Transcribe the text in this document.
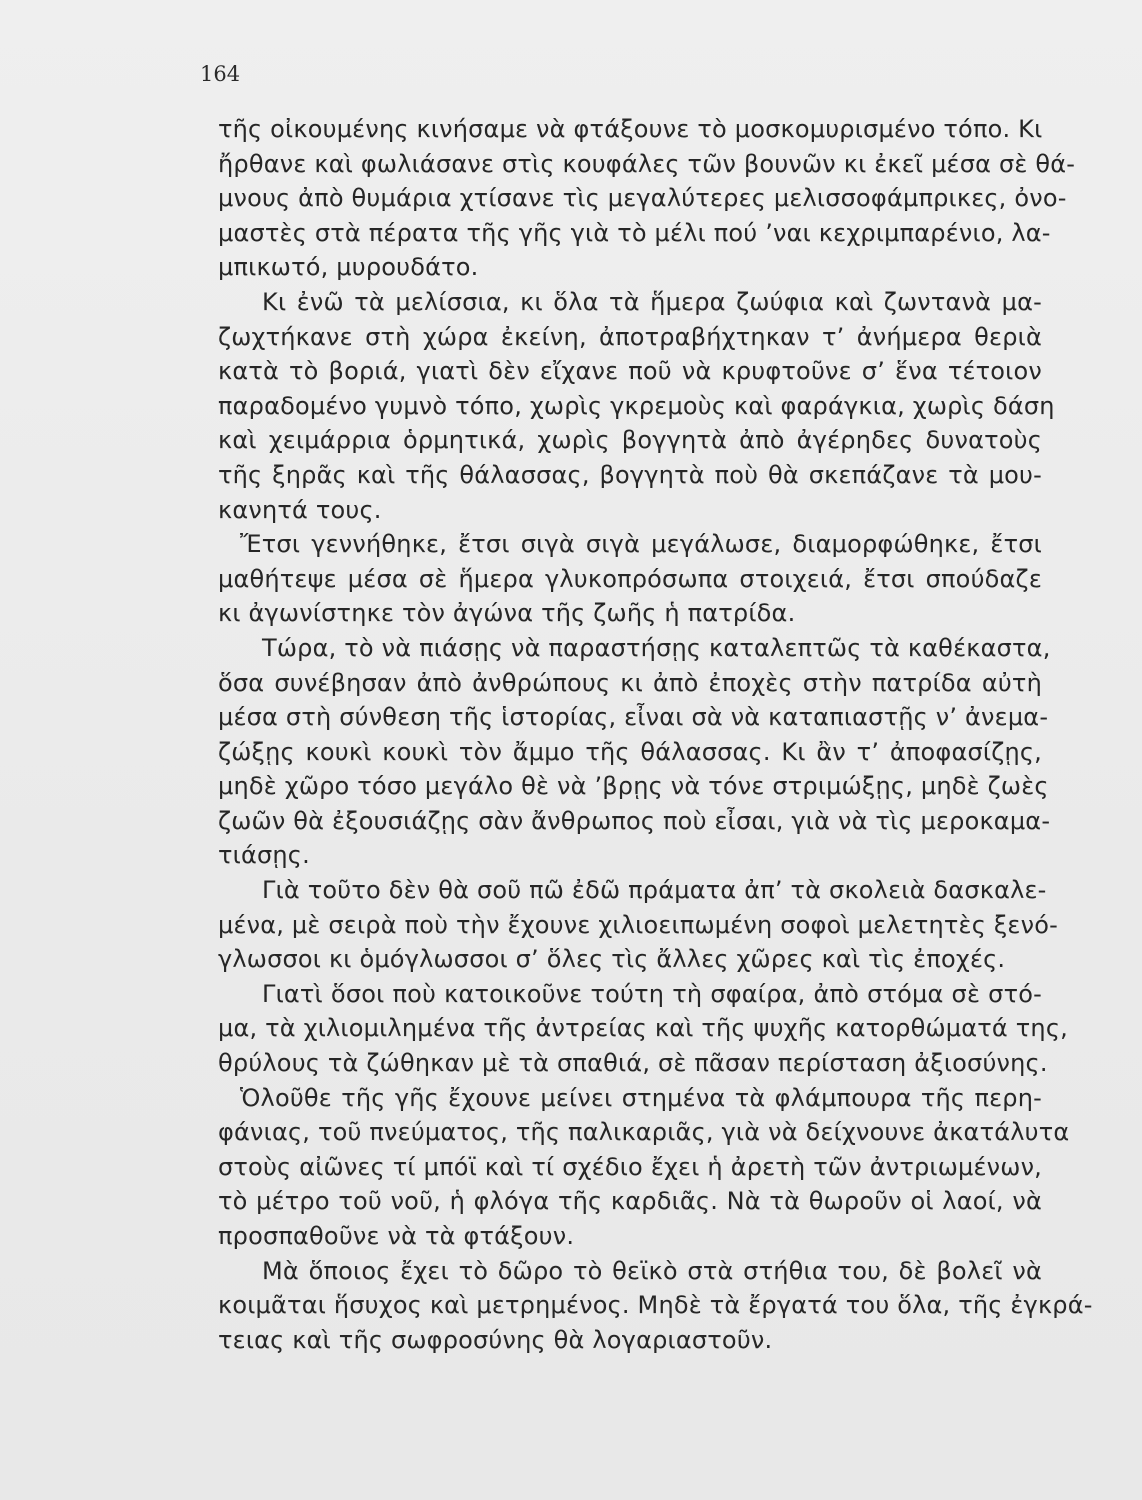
164
τῆς οἰκουμένης κινήσαμε νὰ φτάξουνε τὸ μοσκομυρισμένο τόπο. Κι
ἤρθανε καὶ φωλιάσανε στὶς κουφάλες τῶν βουνῶν κι ἐκεῖ μέσα σὲ θά-
μνους ἀπὸ θυμάρια χτίσανε τὶς μεγαλύτερες μελισσοφάμπρικες, ὀνο-
μαστὲς στὰ πέρατα τῆς γῆς γιὰ τὸ μέλι πού ’ναι κεχριμπαρένιο, λα-
μπικωτό, μυρουδάτο.
Κι ἐνῶ τὰ μελίσσια, κι ὅλα τὰ ἥμερα ζωύφια καὶ ζωντανὰ μα-
ζωχτήκανε στὴ χώρα ἐκείνη, ἀποτραβήχτηκαν τ’ ἀνήμερα θεριὰ
κατὰ τὸ βοριά, γιατὶ δὲν εἴχανε ποῦ νὰ κρυφτοῦνε σ’ ἕνα τέτοιον
παραδομένο γυμνὸ τόπο, χωρὶς γκρεμοὺς καὶ φαράγκια, χωρὶς δάση
καὶ χειμάρρια ὁρμητικά, χωρὶς βογγητὰ ἀπὸ ἀγέρηδες δυνατοὺς
τῆς ξηρᾶς καὶ τῆς θάλασσας, βογγητὰ ποὺ θὰ σκεπάζανε τὰ μου-
κανητά τους.
Ἔτσι γεννήθηκε, ἔτσι σιγὰ σιγὰ μεγάλωσε, διαμορφώθηκε, ἔτσι
μαθήτεψε μέσα σὲ ἥμερα γλυκοπρόσωπα στοιχειά, ἔτσι σπούδαζε
κι ἀγωνίστηκε τὸν ἀγώνα τῆς ζωῆς ἡ πατρίδα.
Τώρα, τὸ νὰ πιάσῃς νὰ παραστήσῃς καταλεπτῶς τὰ καθέκαστα,
ὅσα συνέβησαν ἀπὸ ἀνθρώπους κι ἀπὸ ἐποχὲς στὴν πατρίδα αὐτὴ
μέσα στὴ σύνθεση τῆς ἱστορίας, εἶναι σὰ νὰ καταπιαστῇς ν’ ἀνεμα-
ζώξῃς κουκὶ κουκὶ τὸν ἄμμο τῆς θάλασσας. Κι ἂν τ’ ἀποφασίζῃς,
μηδὲ χῶρο τόσο μεγάλο θὲ νὰ ’βρῃς νὰ τόνε στριμώξῃς, μηδὲ ζωὲς
ζωῶν θὰ ἐξουσιάζῃς σὰν ἄνθρωπος ποὺ εἶσαι, γιὰ νὰ τὶς μεροκαμα-
τιάσῃς.
Γιὰ τοῦτο δὲν θὰ σοῦ πῶ ἐδῶ πράματα ἀπ’ τὰ σκολειὰ δασκαλε-
μένα, μὲ σειρὰ ποὺ τὴν ἔχουνε χιλιοειπωμένη σοφοὶ μελετητὲς ξενό-
γλωσσοι κι ὁμόγλωσσοι σ’ ὅλες τὶς ἄλλες χῶρες καὶ τὶς ἐποχές.
Γιατὶ ὅσοι ποὺ κατοικοῦνε τούτη τὴ σφαίρα, ἀπὸ στόμα σὲ στό-
μα, τὰ χιλιομιλημένα τῆς ἀντρείας καὶ τῆς ψυχῆς κατορθώματά της,
θρύλους τὰ ζώθηκαν μὲ τὰ σπαθιά, σὲ πᾶσαν περίσταση ἀξιοσύνης.
Ὁλοῦθε τῆς γῆς ἔχουνε μείνει στημένα τὰ φλάμπουρα τῆς περη-
φάνιας, τοῦ πνεύματος, τῆς παλικαριᾶς, γιὰ νὰ δείχνουνε ἀκατάλυτα
στοὺς αἰῶνες τί μπόϊ καὶ τί σχέδιο ἔχει ἡ ἀρετὴ τῶν ἀντριωμένων,
τὸ μέτρο τοῦ νοῦ, ἡ φλόγα τῆς καρδιᾶς. Νὰ τὰ θωροῦν οἱ λαοί, νὰ
προσπαθοῦνε νὰ τὰ φτάξουν.
Μὰ ὅποιος ἔχει τὸ δῶρο τὸ θεϊκὸ στὰ στήθια του, δὲ βολεῖ νὰ
κοιμᾶται ἥσυχος καὶ μετρημένος. Μηδὲ τὰ ἔργατά του ὅλα, τῆς ἐγκρά-
τειας καὶ τῆς σωφροσύνης θὰ λογαριαστοῦν.
